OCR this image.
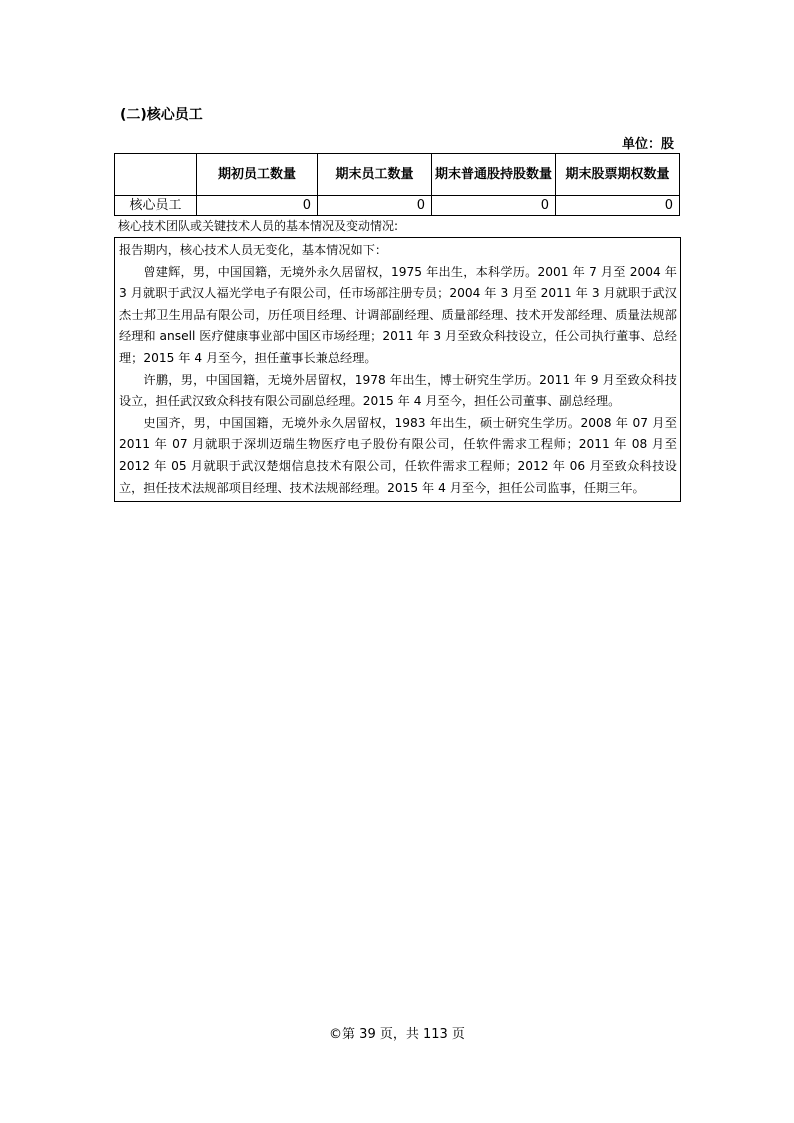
(二)核心员工
单位：股
	期初员工数量	期末员工数量	期末普通股持股数量	期末股票期权数量
核心员工	0	0	0	0
核心技术团队或关键技术人员的基本情况及变动情况:

报告期内，核心技术人员无变化，基本情况如下：

曾建辉，男，中国国籍，无境外永久居留权，1975 年出生，本科学历。2001 年 7 月至 2004 年 3 月就职于武汉人福光学电子有限公司，任市场部注册专员；2004 年 3 月至 2011 年 3 月就职于武汉杰士邦卫生用品有限公司，历任项目经理、计调部副经理、质量部经理、技术开发部经理、质量法规部经理和 ansell 医疗健康事业部中国区市场经理；2011 年 3 月至致众科技设立，任公司执行董事、总经理；2015 年 4 月至今，担任董事长兼总经理。

许鹏，男，中国国籍，无境外居留权，1978 年出生，博士研究生学历。2011 年 9 月至致众科技设立，担任武汉致众科技有限公司副总经理。2015 年 4 月至今，担任公司董事、副总经理。

史国齐，男，中国国籍，无境外永久居留权，1983 年出生，硕士研究生学历。2008 年 07 月至 2011 年 07 月就职于深圳迈瑞生物医疗电子股份有限公司，任软件需求工程师；2011 年 08 月至 2012 年 05 月就职于武汉楚烟信息技术有限公司，任软件需求工程师；2012 年 06 月至致众科技设立，担任技术法规部项目经理、技术法规部经理。2015 年 4 月至今，担任公司监事，任期三年。

©第 39 页，共 113 页
